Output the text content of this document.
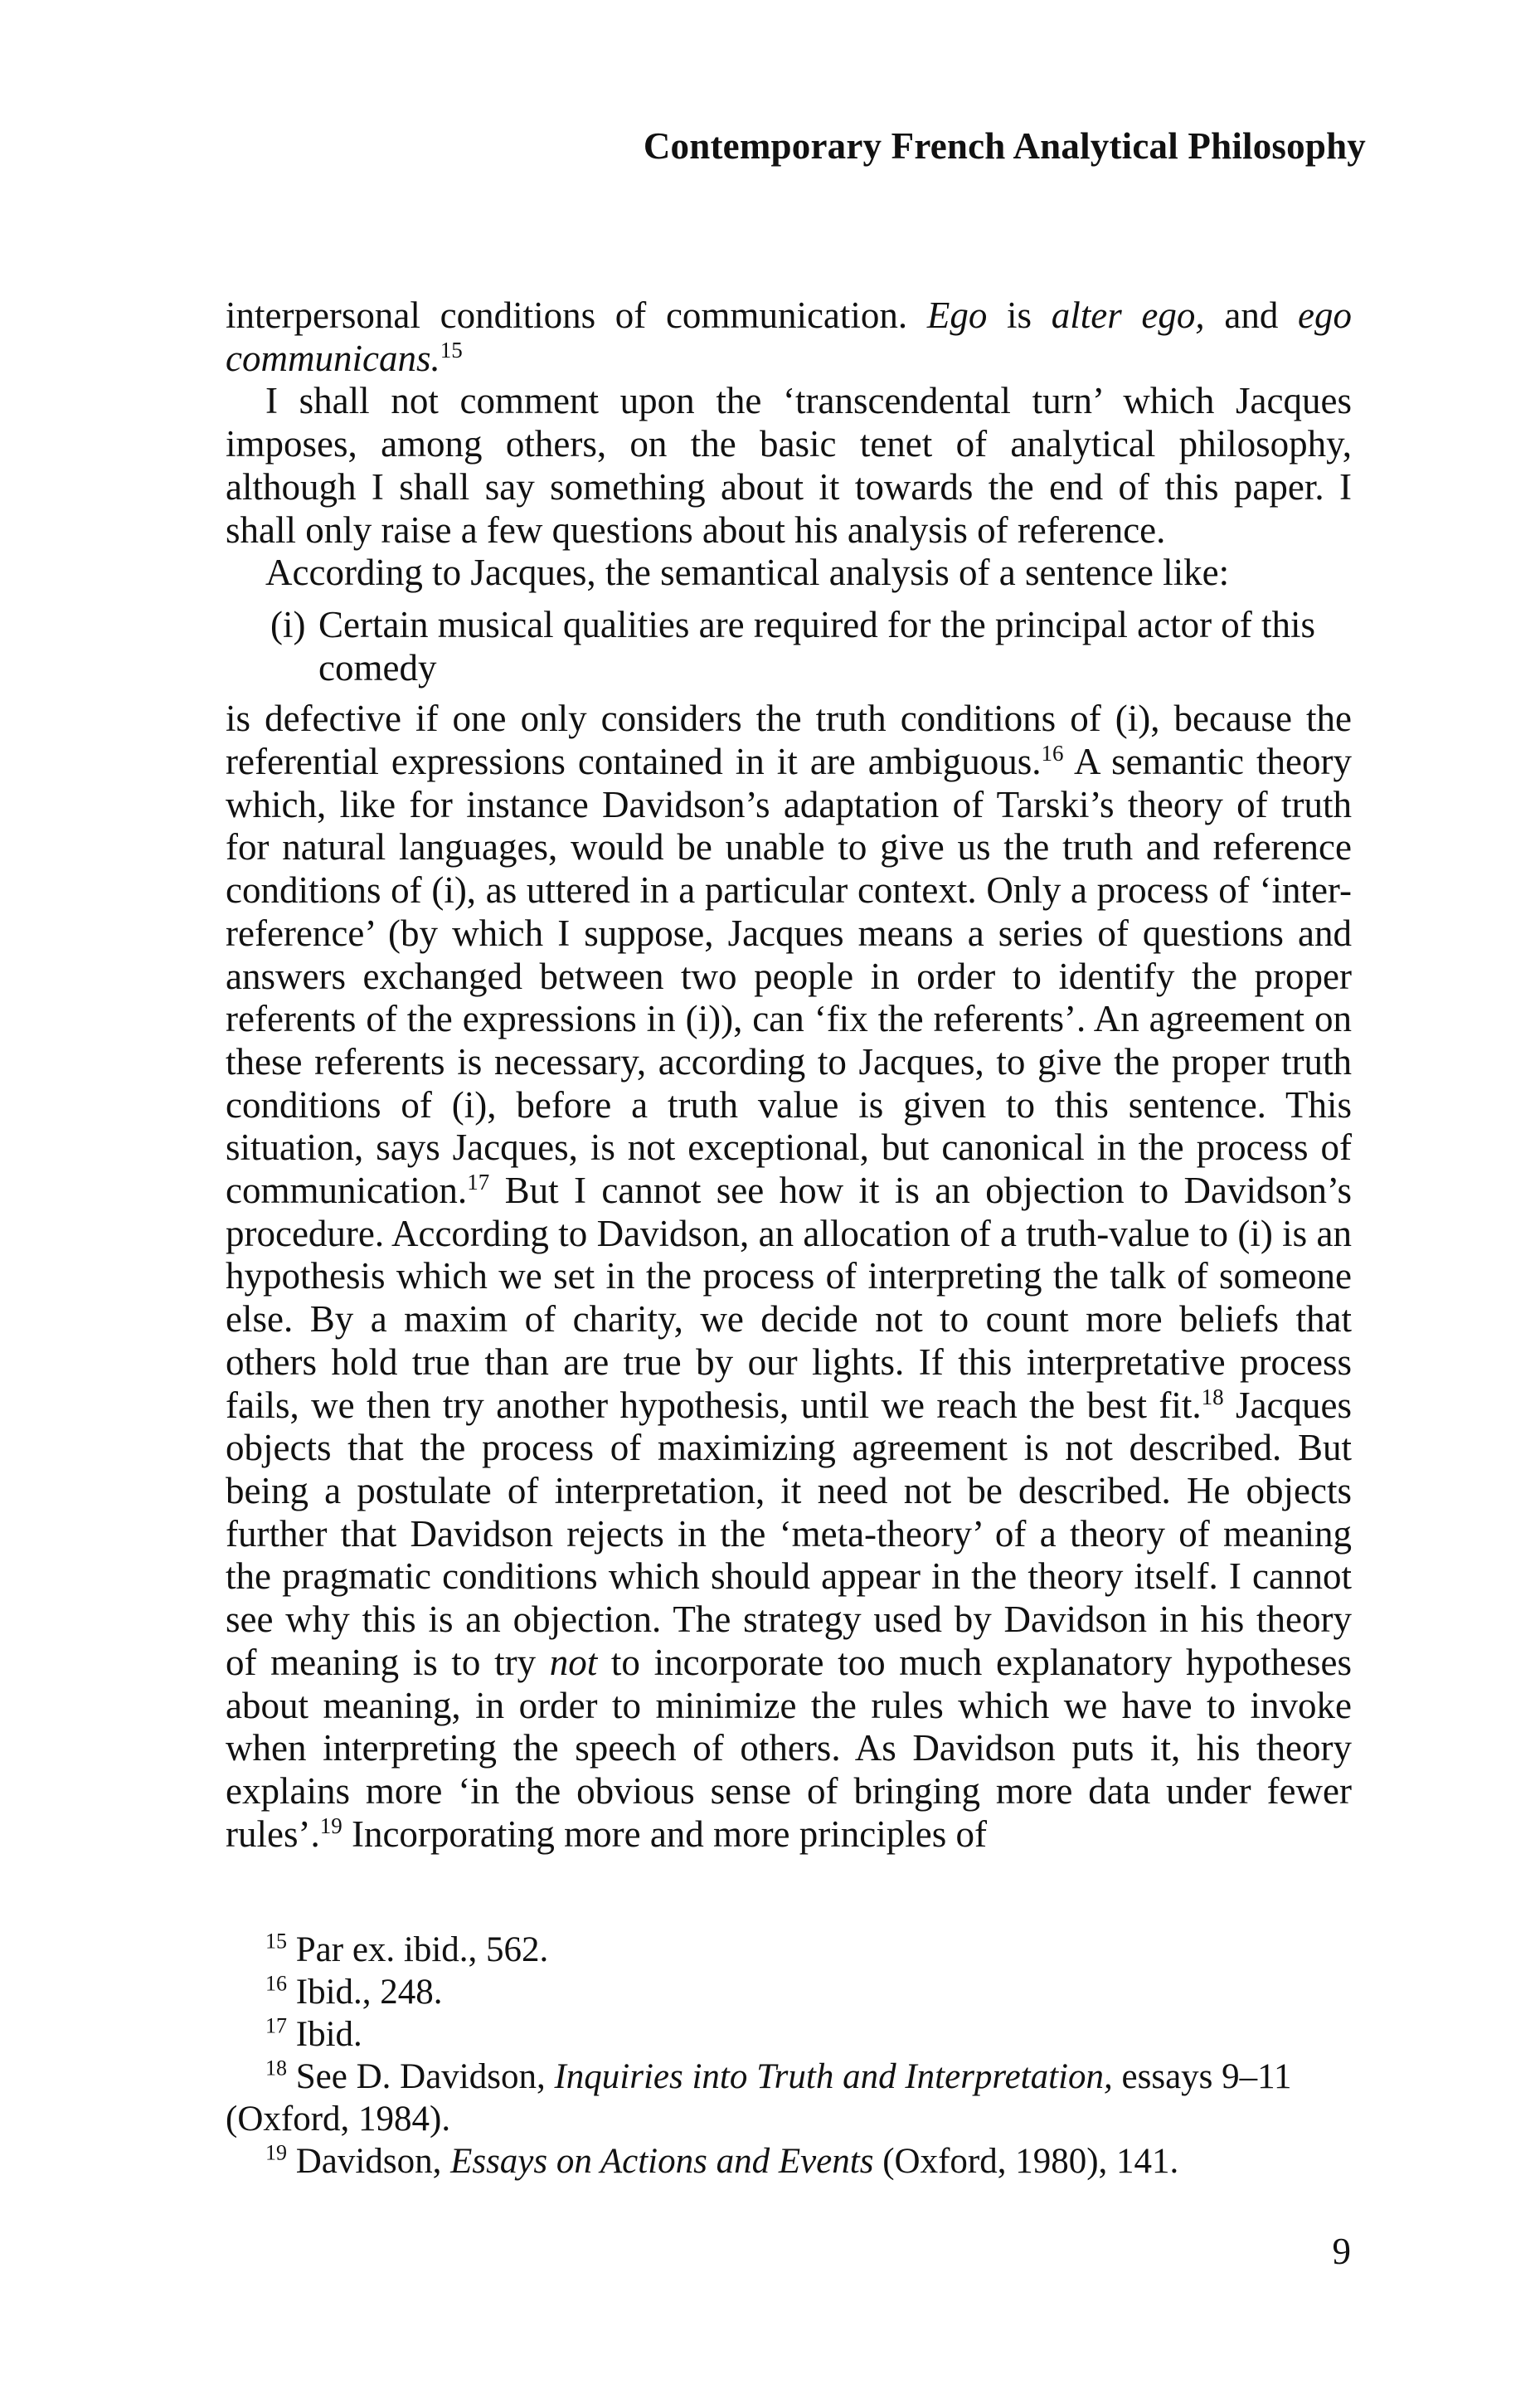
Contemporary French Analytical Philosophy

interpersonal conditions of communication. Ego is alter ego, and ego communicans.$^{15}$

I shall not comment upon the ‘transcendental turn’ which Jacques imposes, among others, on the basic tenet of analytical philosophy, although I shall say something about it towards the end of this paper. I shall only raise a few questions about his analysis of reference.

According to Jacques, the semantical analysis of a sentence like:

(i) Certain musical qualities are required for the principal actor of this comedy

is defective if one only considers the truth conditions of (i), because the referential expressions contained in it are ambiguous.$^{16}$ A semantic theory which, like for instance Davidson’s adaptation of Tarski’s theory of truth for natural languages, would be unable to give us the truth and reference conditions of (i), as uttered in a particular context. Only a process of ‘inter-reference’ (by which I suppose, Jacques means a series of questions and answers exchanged between two people in order to identify the proper referents of the expressions in (i)), can ‘fix the referents’. An agreement on these referents is necessary, according to Jacques, to give the proper truth conditions of (i), before a truth value is given to this sentence. This situation, says Jacques, is not exceptional, but canonical in the process of communication.$^{17}$ But I cannot see how it is an objection to Davidson’s procedure. According to Davidson, an allocation of a truth-value to (i) is an hypothesis which we set in the process of interpreting the talk of someone else. By a maxim of charity, we decide not to count more beliefs that others hold true than are true by our lights. If this interpretative process fails, we then try another hypothesis, until we reach the best fit.$^{18}$ Jacques objects that the process of maximizing agreement is not described. But being a postulate of interpretation, it need not be described. He objects further that Davidson rejects in the ‘meta-theory’ of a theory of meaning the pragmatic conditions which should appear in the theory itself. I cannot see why this is an objection. The strategy used by Davidson in his theory of meaning is to try not to incorporate too much explanatory hypotheses about meaning, in order to minimize the rules which we have to invoke when interpreting the speech of others. As Davidson puts it, his theory explains more ‘in the obvious sense of bringing more data under fewer rules’.$^{19}$ Incorporating more and more principles of

$^{15}$ Par ex. ibid., 562.

$^{16}$ Ibid., 248.

$^{17}$ Ibid.

$^{18}$ See D. Davidson, Inquiries into Truth and Interpretation, essays 9–11 (Oxford, 1984).

$^{19}$ Davidson, Essays on Actions and Events (Oxford, 1980), 141.

9
